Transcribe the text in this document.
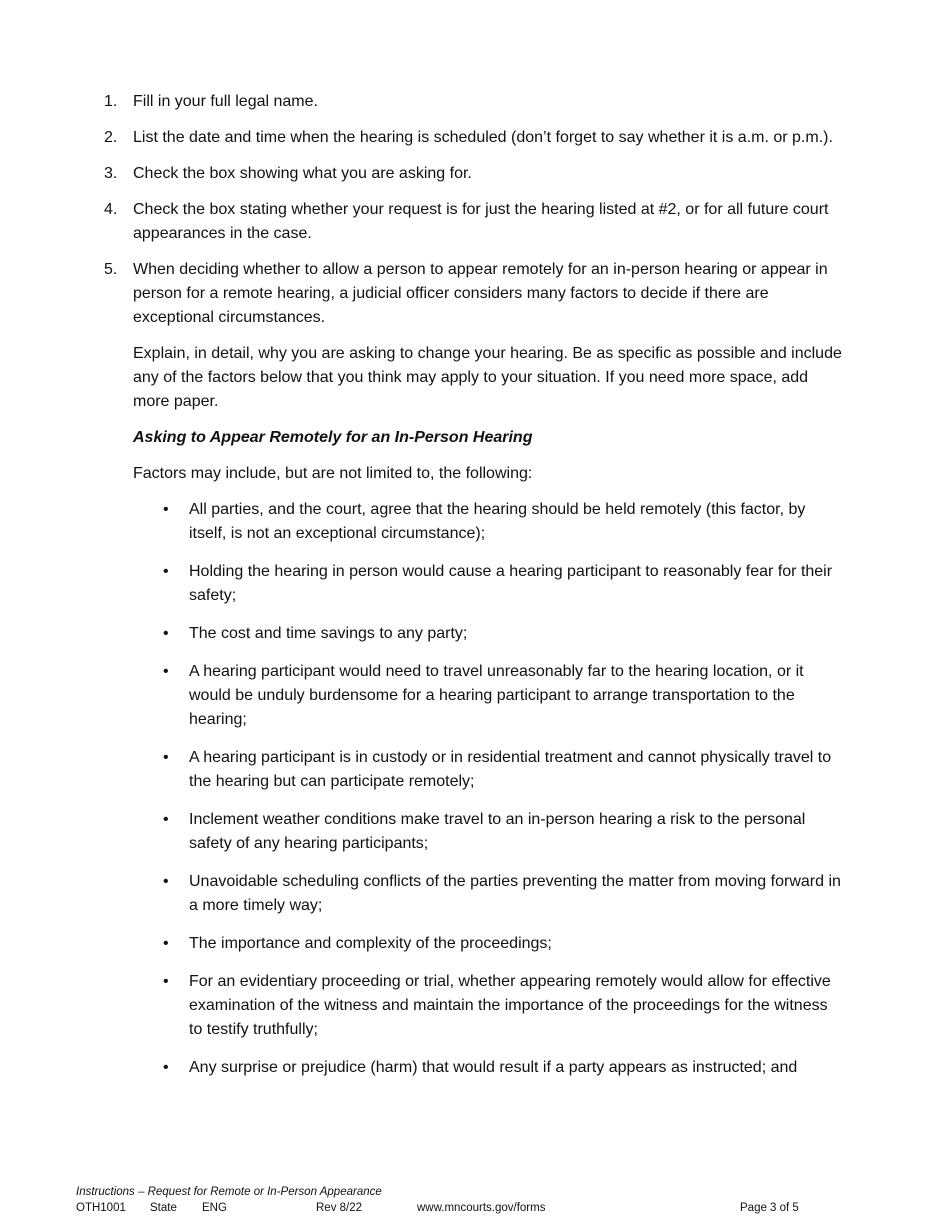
1. Fill in your full legal name.
2. List the date and time when the hearing is scheduled (don’t forget to say whether it is a.m. or p.m.).
3. Check the box showing what you are asking for.
4. Check the box stating whether your request is for just the hearing listed at #2, or for all future court appearances in the case.
5. When deciding whether to allow a person to appear remotely for an in-person hearing or appear in person for a remote hearing, a judicial officer considers many factors to decide if there are exceptional circumstances.

Explain, in detail, why you are asking to change your hearing. Be as specific as possible and include any of the factors below that you think may apply to your situation. If you need more space, add more paper.

Asking to Appear Remotely for an In-Person Hearing

Factors may include, but are not limited to, the following:

• All parties, and the court, agree that the hearing should be held remotely (this factor, by itself, is not an exceptional circumstance);
• Holding the hearing in person would cause a hearing participant to reasonably fear for their safety;
• The cost and time savings to any party;
• A hearing participant would need to travel unreasonably far to the hearing location, or it would be unduly burdensome for a hearing participant to arrange transportation to the hearing;
• A hearing participant is in custody or in residential treatment and cannot physically travel to the hearing but can participate remotely;
• Inclement weather conditions make travel to an in-person hearing a risk to the personal safety of any hearing participants;
• Unavoidable scheduling conflicts of the parties preventing the matter from moving forward in a more timely way;
• The importance and complexity of the proceedings;
• For an evidentiary proceeding or trial, whether appearing remotely would allow for effective examination of the witness and maintain the importance of the proceedings for the witness to testify truthfully;
• Any surprise or prejudice (harm) that would result if a party appears as instructed; and
Instructions – Request for Remote or In-Person Appearance
OTH1001 State ENG	Rev 8/22	www.mncourts.gov/forms	Page 3 of 5
